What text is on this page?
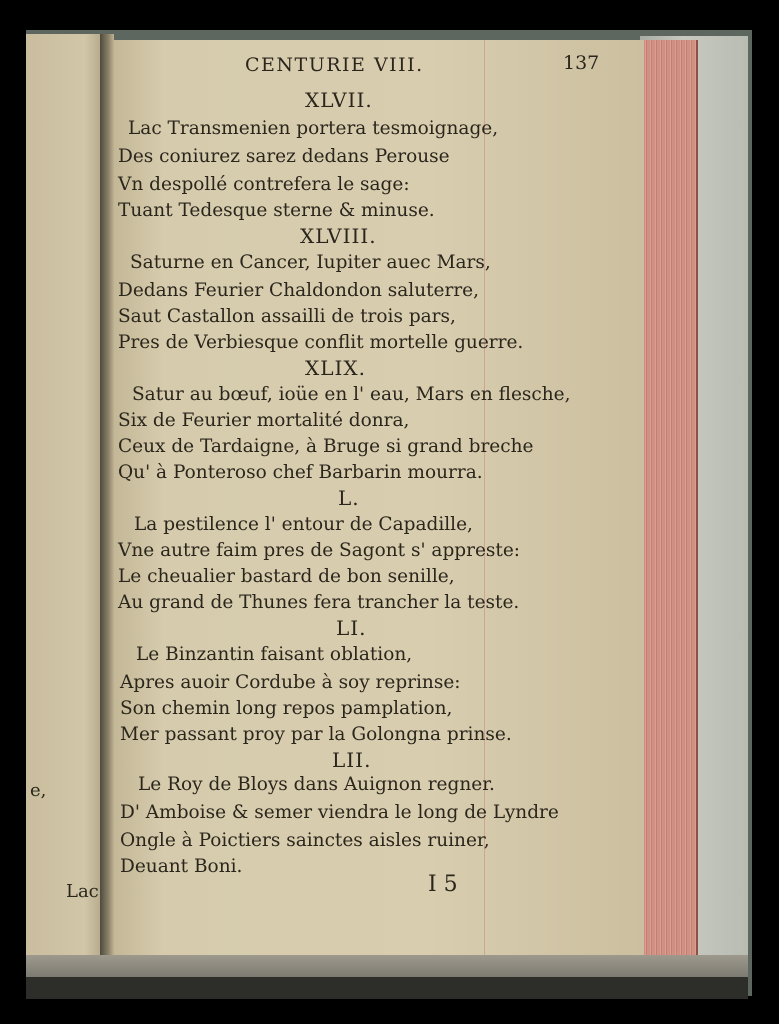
CENTURIE VIII.	137
XLVII.
Lac Transmenien portera tesmoignage,
Des coniurez sarez dedans Perouse
Vn despollé contrefera le sage:
Tuant Tedesque sterne & minuse.
XLVIII.
Saturne en Cancer, Iupiter auec Mars,
Dedans Feurier Chaldondon saluterre,
Saut Castallon assailli de trois pars,
Pres de Verbiesque conflit mortelle guerre.
XLIX.
Satur au bœuf, ioüe en l' eau, Mars en flesche,
Six de Feurier mortalité donra,
Ceux de Tardaigne, à Bruge si grand breche
Qu' à Ponteroso chef Barbarin mourra.
L.
La pestilence l' entour de Capadille,
Vne autre faim pres de Sagont s' appreste:
Le cheualier bastard de bon senille,
Au grand de Thunes fera trancher la teste.
LI.
Le Binzantin faisant oblation,
Apres auoir Cordube à soy reprinse:
Son chemin long repos pamplation,
Mer passant proy par la Golongna prinse.
LII.
Le Roy de Bloys dans Auignon regner.
D' Amboise & semer viendra le long de Lyndre
Ongle à Poictiers sainctes aisles ruiner,
Deuant Boni.
I 5
e,
Lac
